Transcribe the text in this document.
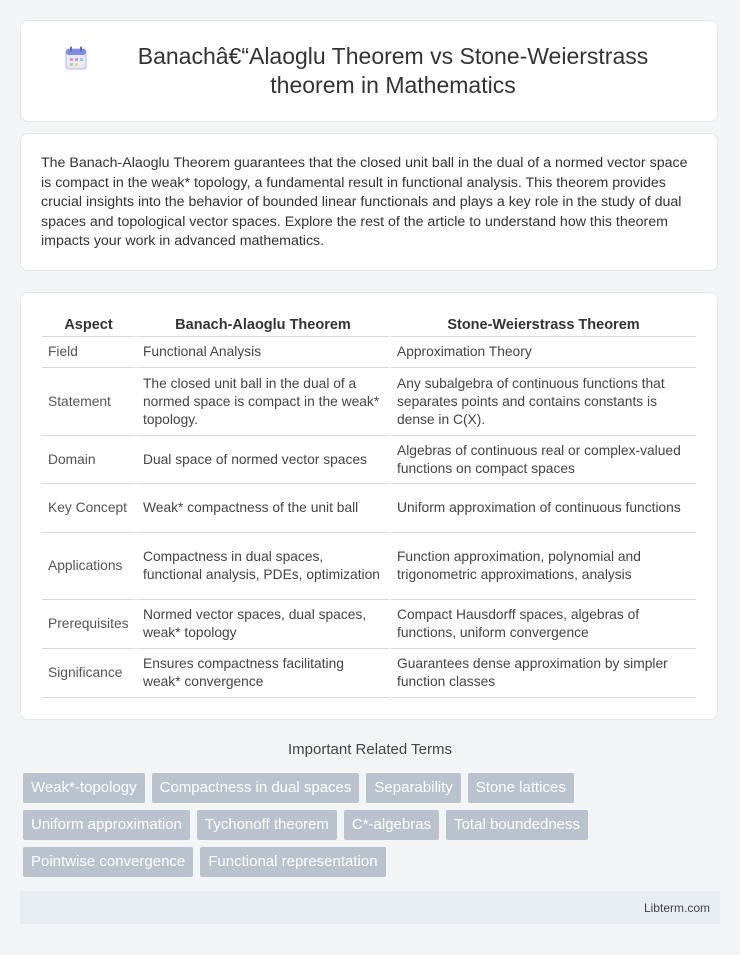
Banachâ€“Alaoglu Theorem vs Stone-Weierstrass theorem in Mathematics

The Banach-Alaoglu Theorem guarantees that the closed unit ball in the dual of a normed vector space is compact in the weak* topology, a fundamental result in functional analysis. This theorem provides crucial insights into the behavior of bounded linear functionals and plays a key role in the study of dual spaces and topological vector spaces. Explore the rest of the article to understand how this theorem impacts your work in advanced mathematics.

Aspect	Banach-Alaoglu Theorem	Stone-Weierstrass Theorem
Field	Functional Analysis	Approximation Theory
Statement	The closed unit ball in the dual of a normed space is compact in the weak* topology.	Any subalgebra of continuous functions that separates points and contains constants is dense in C(X).
Domain	Dual space of normed vector spaces	Algebras of continuous real or complex-valued functions on compact spaces
Key Concept	Weak* compactness of the unit ball	Uniform approximation of continuous functions
Applications	Compactness in dual spaces, functional analysis, PDEs, optimization	Function approximation, polynomial and trigonometric approximations, analysis
Prerequisites	Normed vector spaces, dual spaces, weak* topology	Compact Hausdorff spaces, algebras of functions, uniform convergence
Significance	Ensures compactness facilitating weak* convergence	Guarantees dense approximation by simpler function classes
Important Related Terms
Weak*-topology	Compactness in dual spaces	Separability	Stone lattices
Uniform approximation	Tychonoff theorem	C*-algebras	Total boundedness
Pointwise convergence	Functional representation
Libterm.com
